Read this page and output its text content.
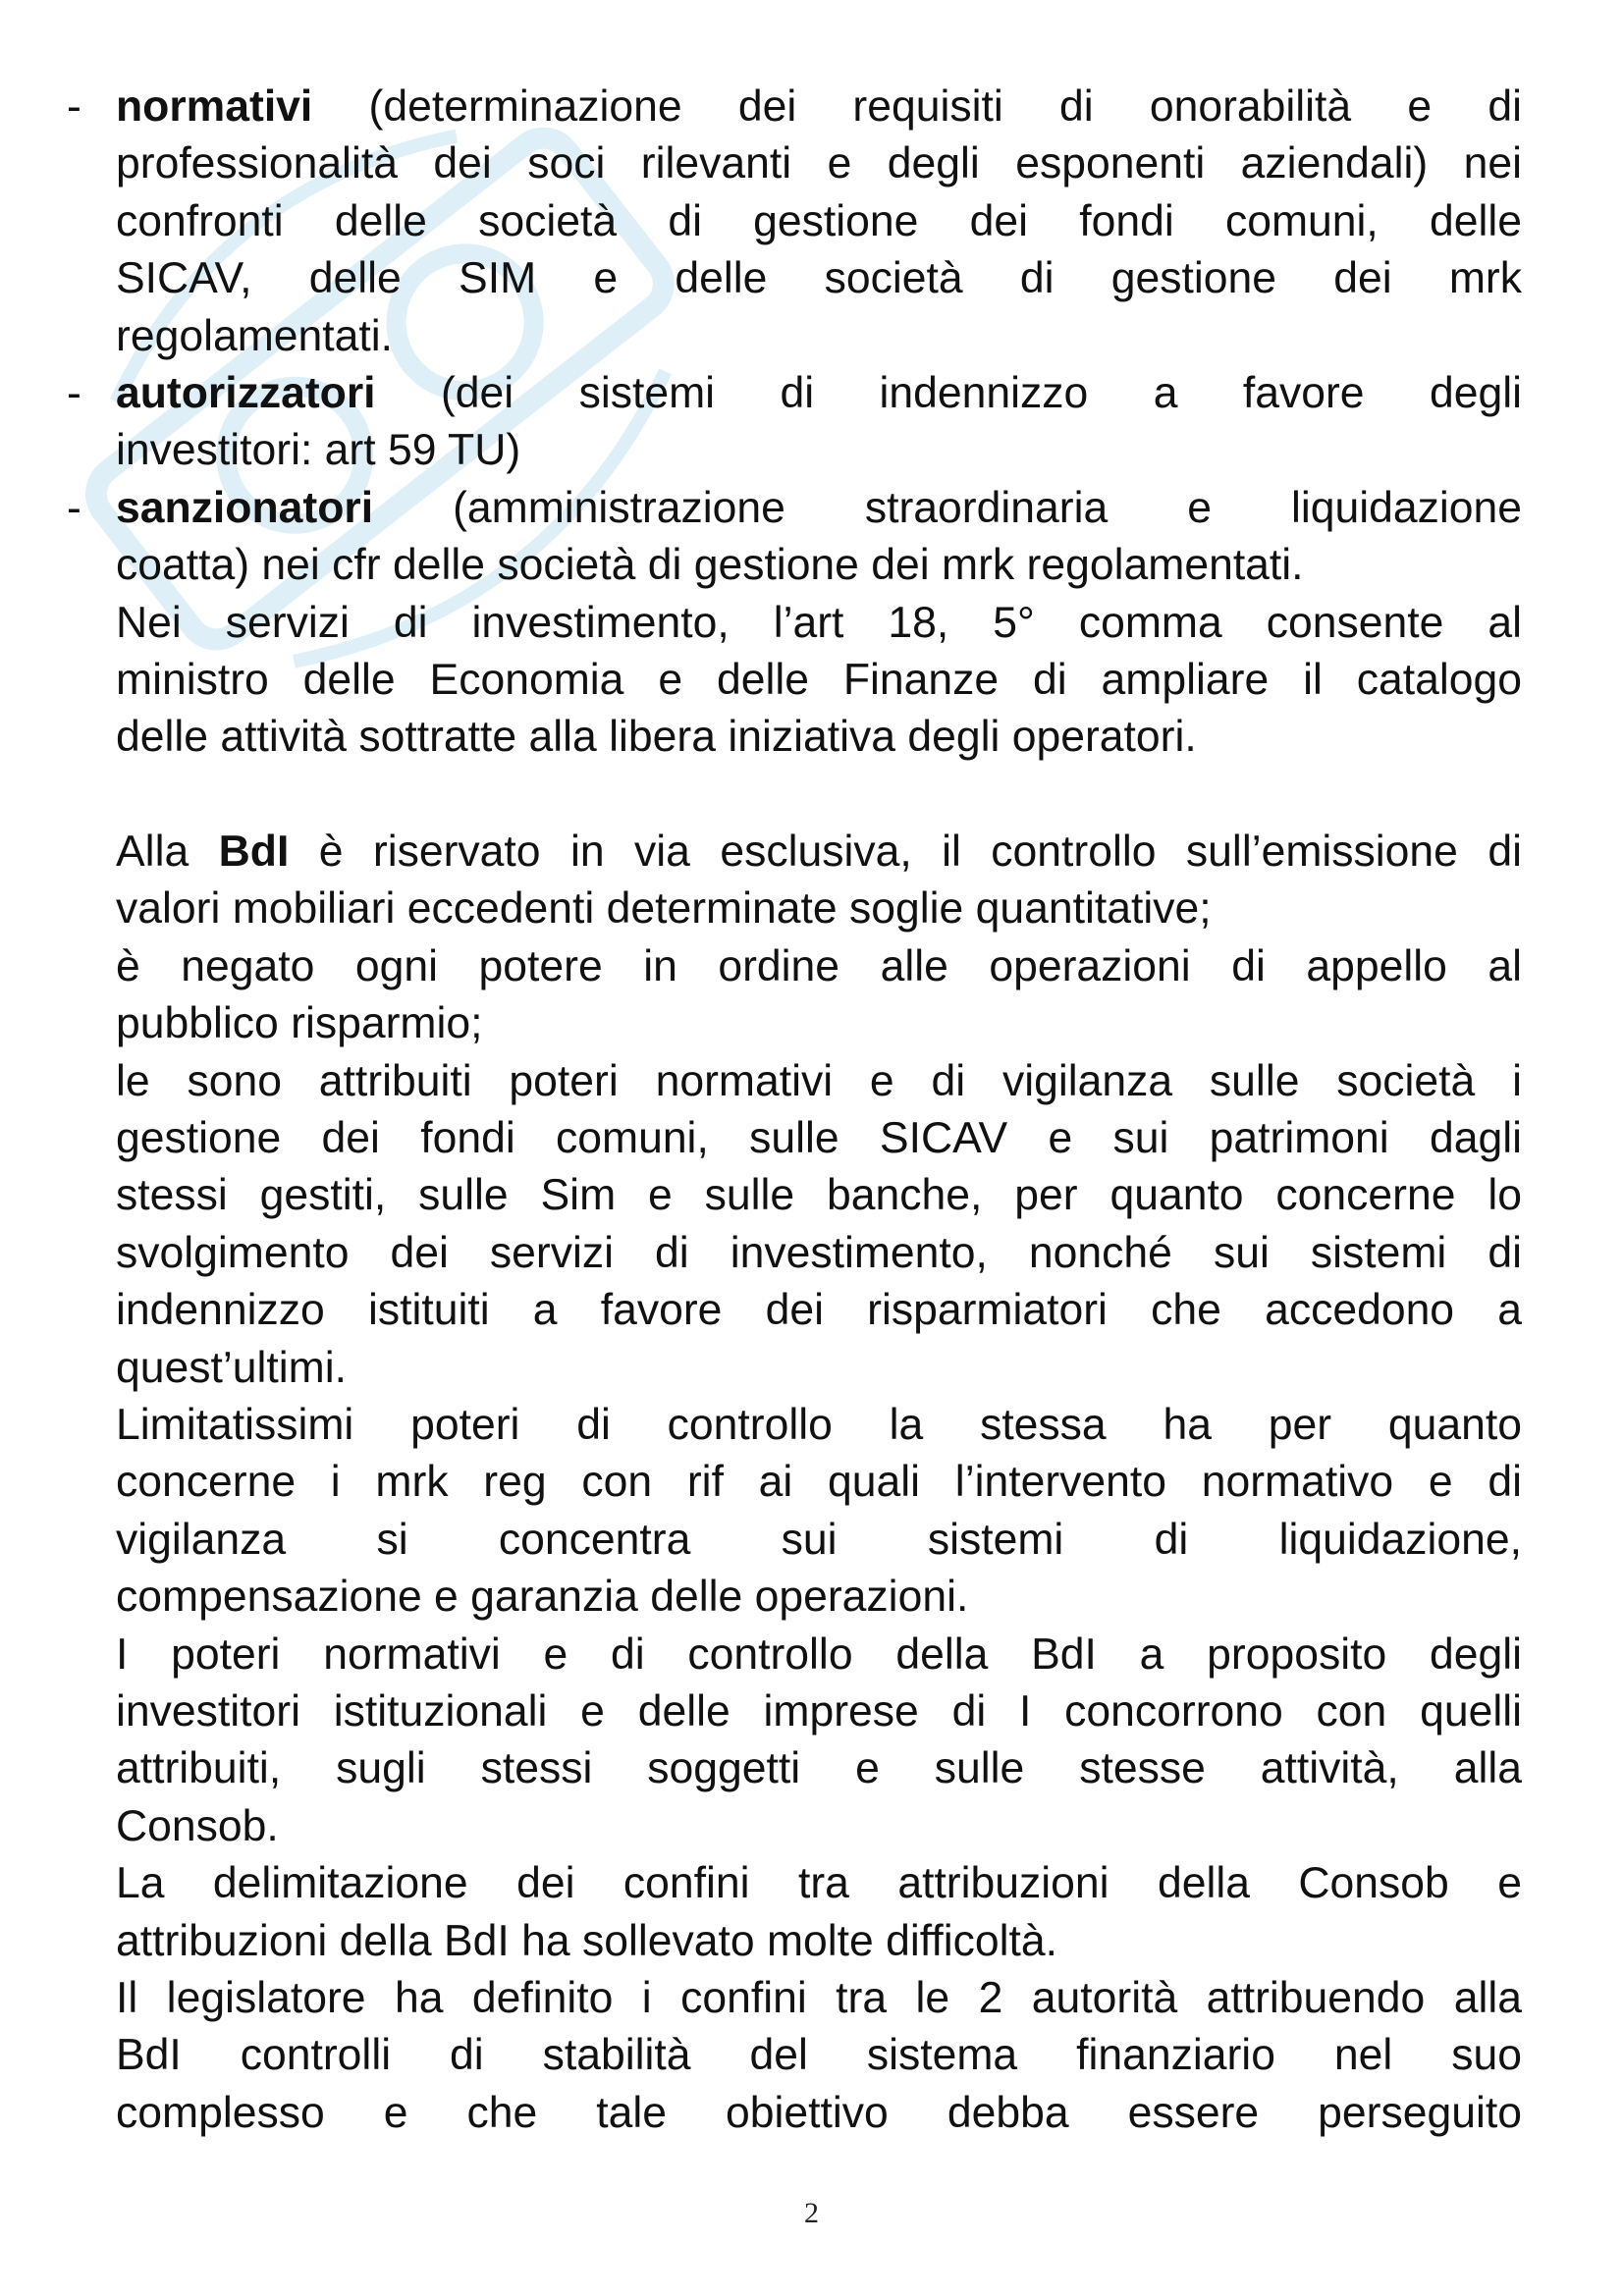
- normativi (determinazione dei requisiti di onorabilità e di
professionalità dei soci rilevanti e degli esponenti aziendali) nei
confronti delle società di gestione dei fondi comuni, delle
SICAV, delle SIM e delle società di gestione dei mrk
regolamentati.
- autorizzatori (dei sistemi di indennizzo a favore degli
investitori: art 59 TU)
- sanzionatori (amministrazione straordinaria e liquidazione
coatta) nei cfr delle società di gestione dei mrk regolamentati.
Nei servizi di investimento, l’art 18, 5° comma consente al
ministro delle Economia e delle Finanze di ampliare il catalogo
delle attività sottratte alla libera iniziativa degli operatori.
Alla BdI è riservato in via esclusiva, il controllo sull’emissione di
valori mobiliari eccedenti determinate soglie quantitative;
è negato ogni potere in ordine alle operazioni di appello al
pubblico risparmio;
le sono attribuiti poteri normativi e di vigilanza sulle società i
gestione dei fondi comuni, sulle SICAV e sui patrimoni dagli
stessi gestiti, sulle Sim e sulle banche, per quanto concerne lo
svolgimento dei servizi di investimento, nonché sui sistemi di
indennizzo istituiti a favore dei risparmiatori che accedono a
quest’ultimi.
Limitatissimi poteri di controllo la stessa ha per quanto
concerne i mrk reg con rif ai quali l’intervento normativo e di
vigilanza si concentra sui sistemi di liquidazione,
compensazione e garanzia delle operazioni.
I poteri normativi e di controllo della BdI a proposito degli
investitori istituzionali e delle imprese di I concorrono con quelli
attribuiti, sugli stessi soggetti e sulle stesse attività, alla
Consob.
La delimitazione dei confini tra attribuzioni della Consob e
attribuzioni della BdI ha sollevato molte difficoltà.
Il legislatore ha definito i confini tra le 2 autorità attribuendo alla
BdI controlli di stabilità del sistema finanziario nel suo
complesso e che tale obiettivo debba essere perseguito
2
